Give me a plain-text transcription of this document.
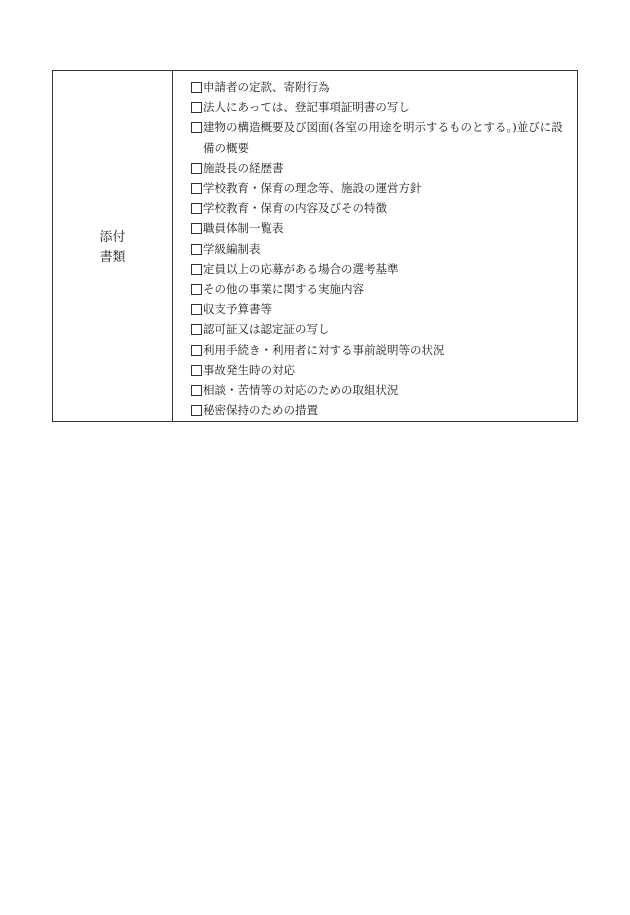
添付
書類
申請者の定款、寄附行為
法人にあっては、登記事項証明書の写し
建物の構造概要及び図面(各室の用途を明示するものとする。)並びに設備の概要
施設長の経歴書
学校教育・保育の理念等、施設の運営方針
学校教育・保育の内容及びその特徴
職員体制一覧表
学級編制表
定員以上の応募がある場合の選考基準
その他の事業に関する実施内容
収支予算書等
認可証又は認定証の写し
利用手続き・利用者に対する事前説明等の状況
事故発生時の対応
相談・苦情等の対応のための取組状況
秘密保持のための措置
